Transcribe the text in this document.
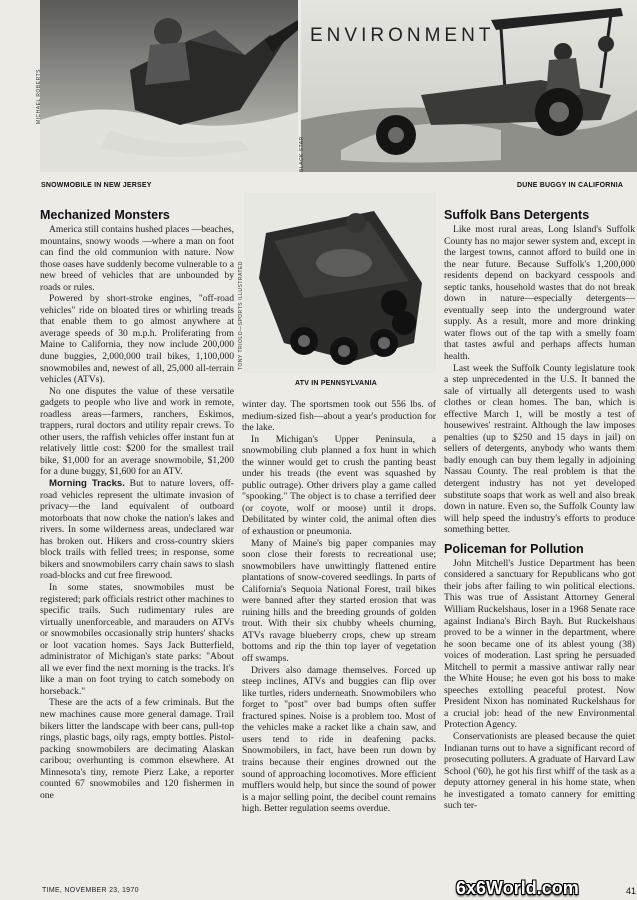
MICHAEL ROBERTS
ENVIRONMENT
BLACK STAR
SNOWMOBILE IN NEW JERSEY	DUNE BUGGY IN CALIFORNIA
TONY TRIOLO—SPORTS ILLUSTRATED
ATV IN PENNSYLVANIA
Mechanized Monsters

America still contains hushed places —beaches, mountains, snowy woods —where a man on foot can find the old communion with nature. Now those oases have suddenly become vulnerable to a new breed of vehicles that are unbounded by roads or rules.

Powered by short-stroke engines, "off-road vehicles" ride on bloated tires or whirling treads that enable them to go almost anywhere at average speeds of 30 m.p.h. Proliferating from Maine to California, they now include 200,000 dune buggies, 2,000,000 trail bikes, 1,100,000 snowmobiles and, newest of all, 25,000 all-terrain vehicles (ATVs).

No one disputes the value of these versatile gadgets to people who live and work in remote, roadless areas—farmers, ranchers, Eskimos, trappers, rural doctors and utility repair crews. To other users, the raffish vehicles offer instant fun at relatively little cost: $200 for the smallest trail bike, $1,000 for an average snowmobile, $1,200 for a dune buggy, $1,600 for an ATV.

Morning Tracks. But to nature lovers, off-road vehicles represent the ultimate invasion of privacy—the land equivalent of outboard motorboats that now choke the nation's lakes and rivers. In some wilderness areas, undeclared war has broken out. Hikers and cross-country skiers block trails with felled trees; in response, some bikers and snowmobilers carry chain saws to slash road-blocks and cut free firewood.

In some states, snowmobiles must be registered; park officials restrict other machines to specific trails. Such rudimentary rules are virtually unenforceable, and marauders on ATVs or snowmobiles occasionally strip hunters' shacks or loot vacation homes. Says Jack Butterfield, administrator of Michigan's state parks: "About all we ever find the next morning is the tracks. It's like a man on foot trying to catch somebody on horseback."

These are the acts of a few criminals. But the new machines cause more general damage. Trail bikers litter the landscape with beer cans, pull-top rings, plastic bags, oily rags, empty bottles. Pistol-packing snowmobilers are decimating Alaskan caribou; overhunting is common elsewhere. At Minnesota's tiny, remote Pierz Lake, a reporter counted 67 snowmobiles and 120 fishermen in one

winter day. The sportsmen took out 556 lbs. of medium-sized fish—about a year's production for the lake.

In Michigan's Upper Peninsula, a snowmobiling club planned a fox hunt in which the winner would get to crush the panting beast under his treads (the event was squashed by public outrage). Other drivers play a game called "spooking." The object is to chase a terrified deer (or coyote, wolf or moose) until it drops. Debilitated by winter cold, the animal often dies of exhaustion or pneumonia.

Many of Maine's big paper companies may soon close their forests to recreational use; snowmobilers have unwittingly flattened entire plantations of snow-covered seedlings. In parts of California's Sequoia National Forest, trail bikes were banned after they started erosion that was ruining hills and the breeding grounds of golden trout. With their six chubby wheels churning, ATVs ravage blueberry crops, chew up stream bottoms and rip the thin top layer of vegetation off swamps.

Drivers also damage themselves. Forced up steep inclines, ATVs and buggies can flip over like turtles, riders underneath. Snowmobilers who forget to "post" over bad bumps often suffer fractured spines. Noise is a problem too. Most of the vehicles make a racket like a chain saw, and users tend to ride in deafening packs. Snowmobilers, in fact, have been run down by trains because their engines drowned out the sound of approaching locomotives. More efficient mufflers would help, but since the sound of power is a major selling point, the decibel count remains high. Better regulation seems overdue.

Suffolk Bans Detergents

Like most rural areas, Long Island's Suffolk County has no major sewer system and, except in the largest towns, cannot afford to build one in the near future. Because Suffolk's 1,200,000 residents depend on backyard cesspools and septic tanks, household wastes that do not break down in nature—especially detergents—eventually seep into the underground water supply. As a result, more and more drinking water flows out of the tap with a smelly foam that tastes awful and perhaps affects human health.

Last week the Suffolk County legislature took a step unprecedented in the U.S. It banned the sale of virtually all detergents used to wash clothes or clean homes. The ban, which is effective March 1, will be mostly a test of housewives' restraint. Although the law imposes penalties (up to $250 and 15 days in jail) on sellers of detergents, anybody who wants them badly enough can buy them legally in adjoining Nassau County. The real problem is that the detergent industry has not yet developed substitute soaps that work as well and also break down in nature. Even so, the Suffolk County law will help speed the industry's efforts to produce something better.

Policeman for Pollution

John Mitchell's Justice Department has been considered a sanctuary for Republicans who got their jobs after failing to win political elections. This was true of Assistant Attorney General William Ruckelshaus, loser in a 1968 Senate race against Indiana's Birch Bayh. But Ruckelshaus proved to be a winner in the department, where he soon became one of its ablest young (38) voices of moderation. Last spring he persuaded Mitchell to permit a massive antiwar rally near the White House; he even got his boss to make speeches extolling peaceful protest. Now President Nixon has nominated Ruckelshaus for a crucial job: head of the new Environmental Protection Agency.

Conservationists are pleased because the quiet Indianan turns out to have a significant record of prosecuting polluters. A graduate of Harvard Law School ('60), he got his first whiff of the task as a deputy attorney general in his home state, when he investigated a tomato cannery for emitting such ter-

TIME, NOVEMBER 23, 1970	6x6World.com	41
